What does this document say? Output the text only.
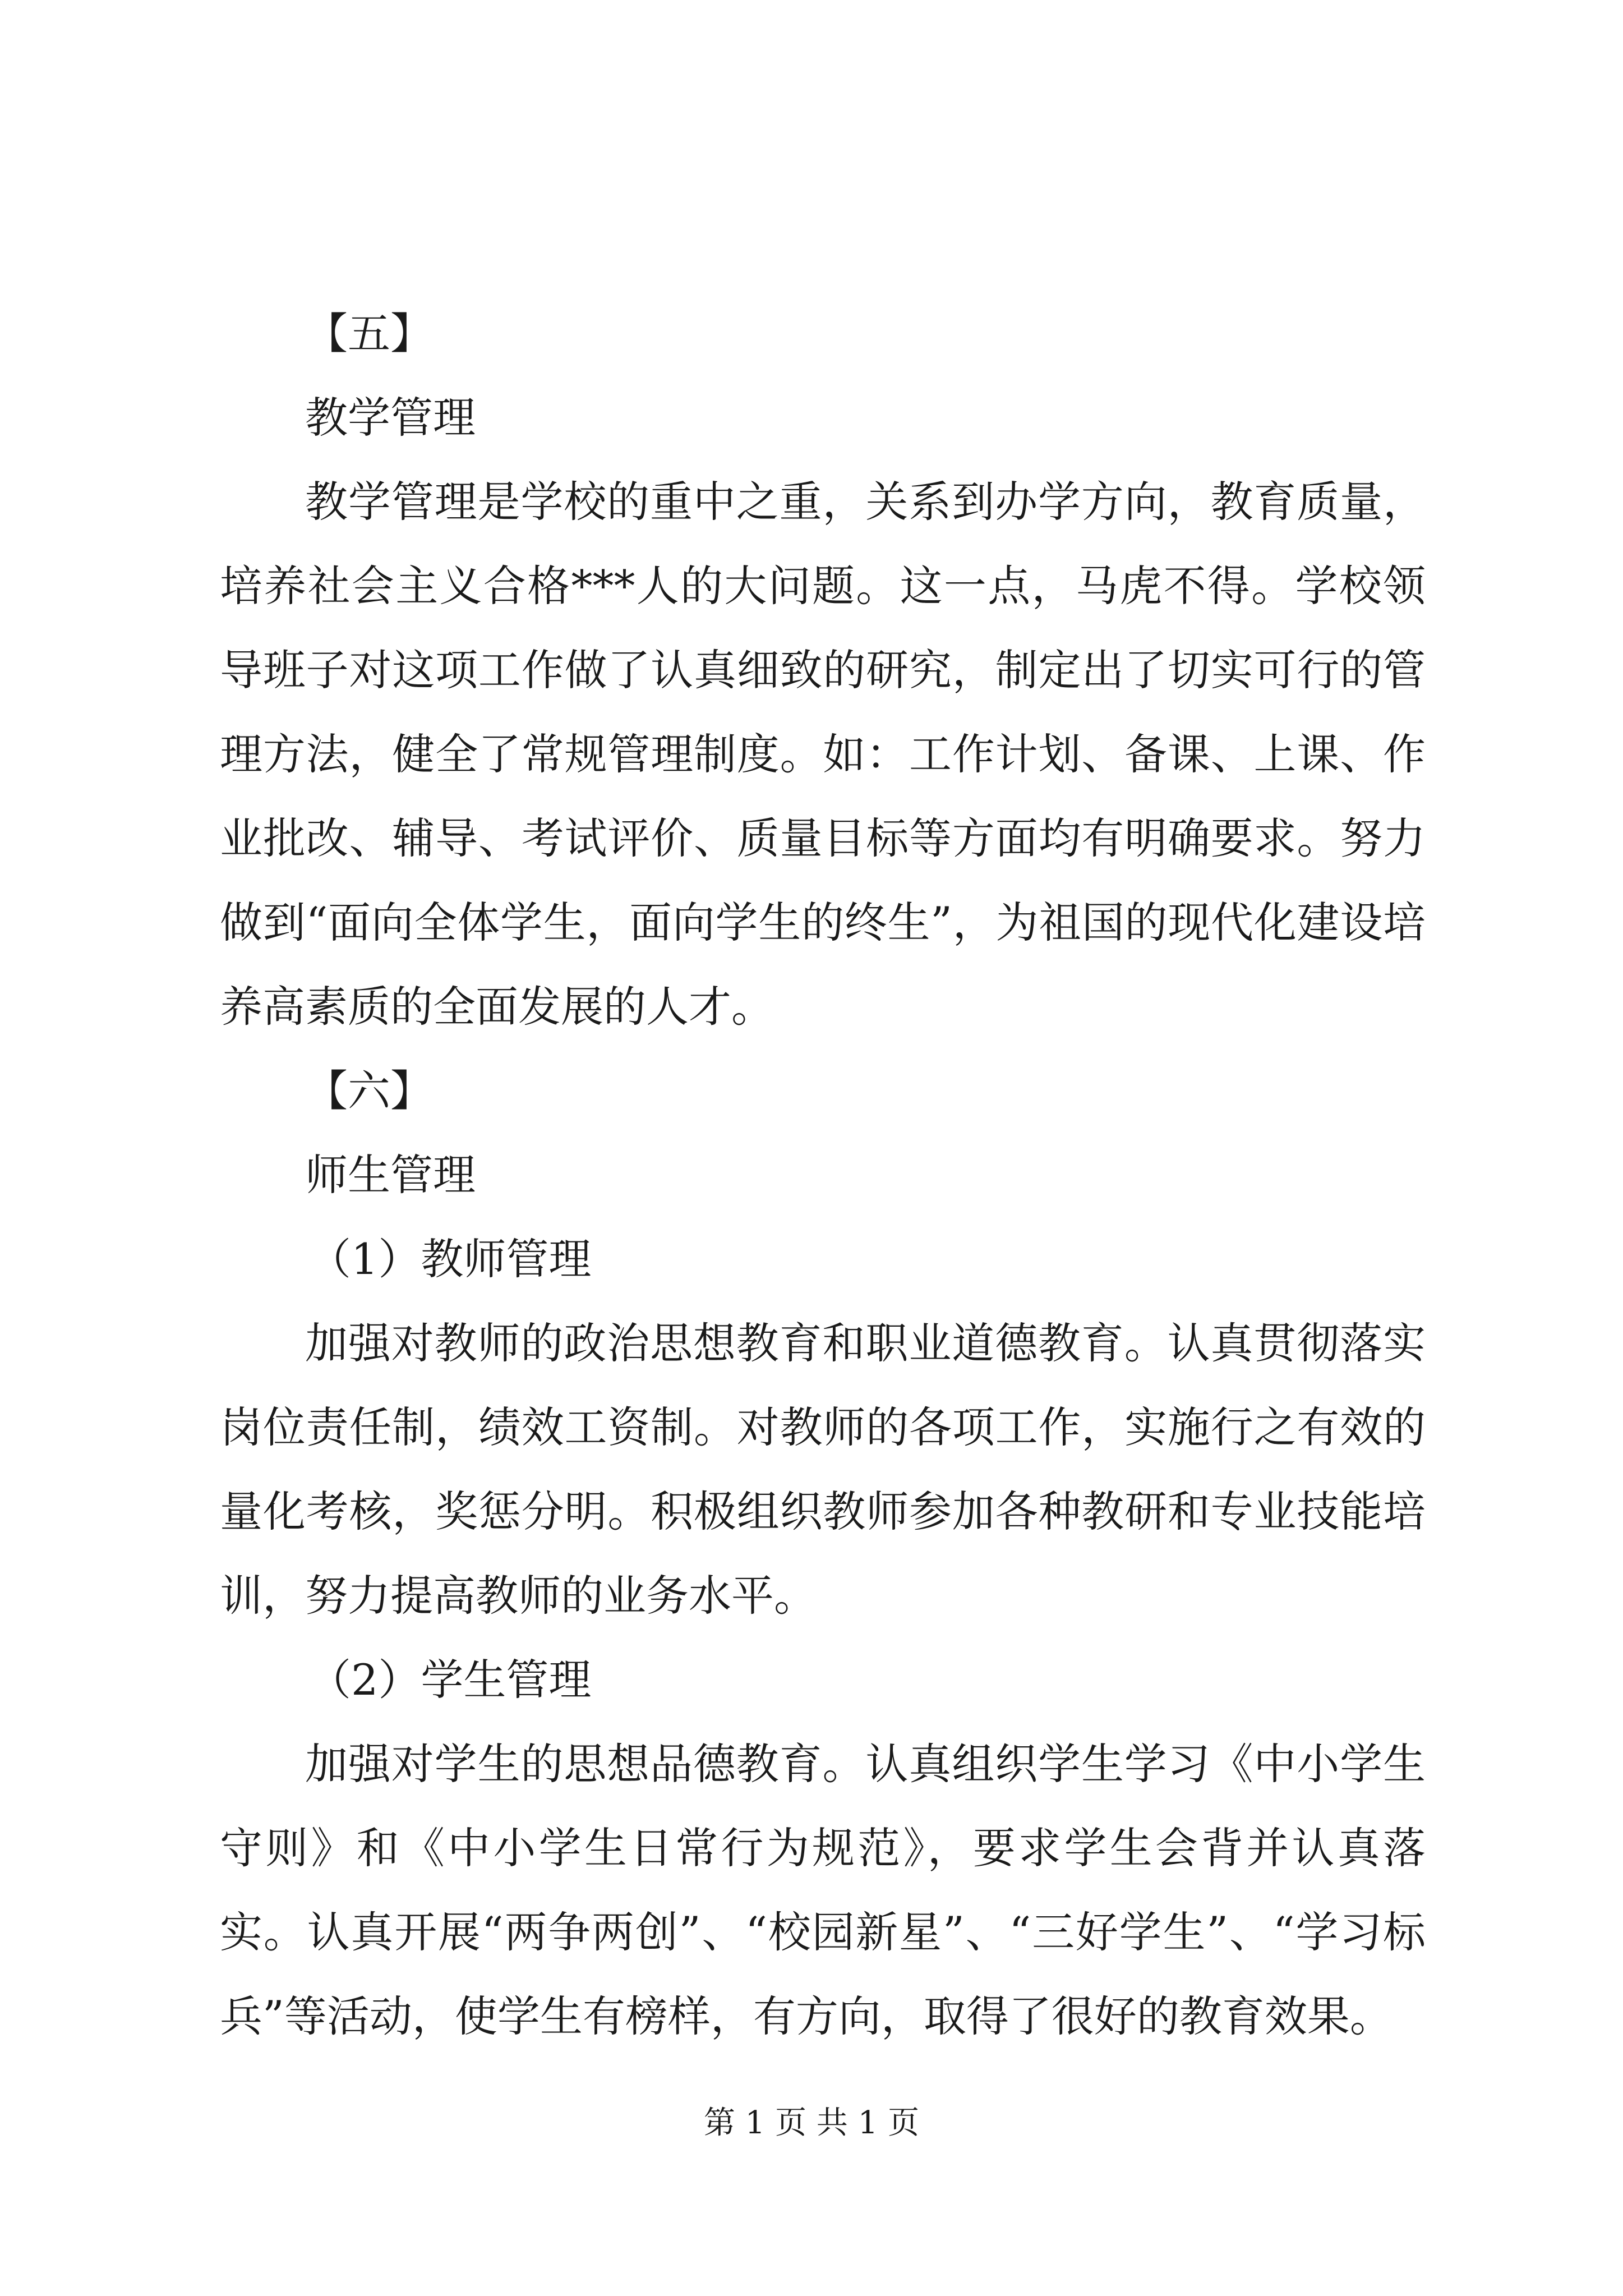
【五】

教学管理

教学管理是学校的重中之重，关系到办学方向，教育质量，培养社会主义合格***人的大问题。这一点，马虎不得。学校领导班子对这项工作做了认真细致的研究，制定出了切实可行的管理方法，健全了常规管理制度。如：工作计划、备课、上课、作业批改、辅导、考试评价、质量目标等方面均有明确要求。努力做到“面向全体学生，面向学生的终生”，为祖国的现代化建设培养高素质的全面发展的人才。

【六】

师生管理

（1）教师管理

加强对教师的政治思想教育和职业道德教育。认真贯彻落实岗位责任制，绩效工资制。对教师的各项工作，实施行之有效的量化考核，奖惩分明。积极组织教师参加各种教研和专业技能培训，努力提高教师的业务水平。

（2）学生管理

加强对学生的思想品德教育。认真组织学生学习《中小学生守则》和《中小学生日常行为规范》，要求学生会背并认真落实。认真开展“两争两创”、“校园新星”、“三好学生”、“学习标兵”等活动，使学生有榜样，有方向，取得了很好的教育效果。

第 1 页 共 1 页
